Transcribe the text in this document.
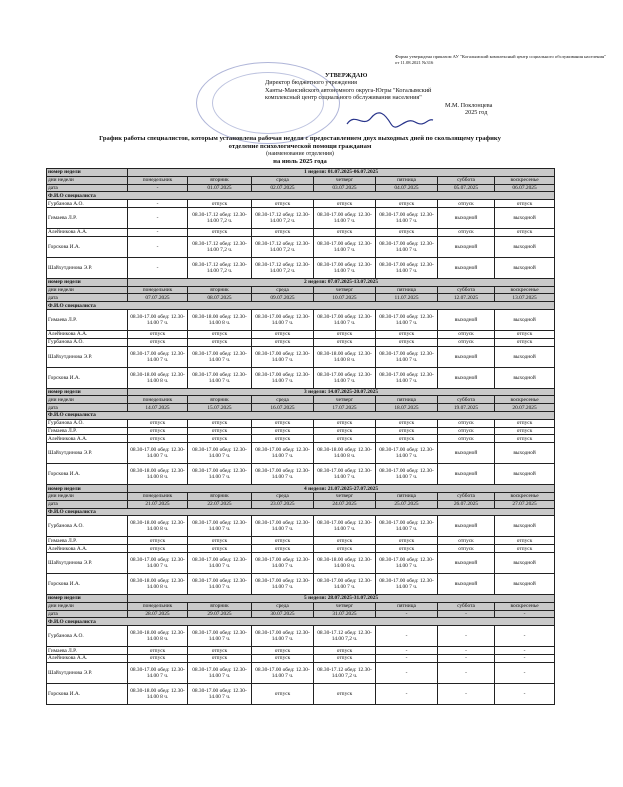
Форма утверждена приказом АУ "Когалымский комплексный центр социального обслуживания населения" от 11.08.2021 №316
УТВЕРЖДАЮ
Директор бюджетного учреждения
Ханты-Мансийского автономного округа-Югры "Когалымский
комплексный центр социального обслуживания населения"
М.М. Поклонцева
2025 год
График работы специалистов, которым установлена рабочая неделя с предоставлением двух выходных дней по скользящему графику
отделение психологической помощи гражданам
(наименование отделения)
на июль 2025 года
номер недели	1 неделя: 01.07.2025-06.07.2025						
дни недели	понедельник	вторник	среда	четверг	пятница	суббота	воскресенье
дата	-	01.07.2025	02.07.2025	03.07.2025	04.07.2025	05.07.2025	06.07.2025
Ф.И.О специалиста							
Гурбанова А.О.	-	отпуск	отпуск	отпуск	отпуск	отпуск	отпуск
Гимаева Л.Р.	-	08.30-17.12 обед: 12.30-14.00 7,2 ч.	08.30-17.12 обед: 12.30-14.00 7,2 ч.	08.30-17.00 обед: 12.30-14.00 7 ч.	08.30-17.00 обед: 12.30-14.00 7 ч.	выходной	выходной
Алейникова А.А.	-	отпуск	отпуск	отпуск	отпуск	отпуск	отпуск
Горскова И.А.	-	08.30-17.12 обед: 12.30-14.00 7,2 ч.	08.30-17.12 обед: 12.30-14.00 7,2 ч.	08.30-17.00 обед: 12.30-14.00 7 ч.	08.30-17.00 обед: 12.30-14.00 7 ч.	выходной	выходной
Шайхутдинова Э.Р.	-	08.30-17.12 обед: 12.30-14.00 7,2 ч.	08.30-17.12 обед: 12.30-14.00 7,2 ч.	08.30-17.00 обед: 12.30-14.00 7 ч.	08.30-17.00 обед: 12.30-14.00 7 ч.	выходной	выходной
номер недели	2 неделя: 07.07.2025-13.07.2025						
дни недели	понедельник	вторник	среда	четверг	пятница	суббота	воскресенье
дата	07.07.2025	08.07.2025	09.07.2025	10.07.2025	11.07.2025	12.07.2025	13.07.2025
Ф.И.О специалиста							
Гимаева Л.Р.	08.30-17.00 обед: 12.30-14.00 7 ч.	08.30-18.00 обед: 12.30-14.00 8 ч.	08.30-17.00 обед: 12.30-14.00 7 ч.	08.30-17.00 обед: 12.30-14.00 7 ч.	08.30-17.00 обед: 12.30-14.00 7 ч.	выходной	выходной
Алейникова А.А.	отпуск	отпуск	отпуск	отпуск	отпуск	отпуск	отпуск
Гурбанова А.О.	отпуск	отпуск	отпуск	отпуск	отпуск	отпуск	отпуск
Шайхутдинова Э.Р.	08.30-17.00 обед: 12.30-14.00 7 ч.	08.30-17.00 обед: 12.30-14.00 7 ч.	08.30-17.00 обед: 12.30-14.00 7 ч.	08.30-18.00 обед: 12.30-14.00 8 ч.	08.30-17.00 обед: 12.30-14.00 7 ч.	выходной	выходной
Горскова И.А.	08.30-18.00 обед: 12.30-14.00 8 ч.	08.30-17.00 обед: 12.30-14.00 7 ч.	08.30-17.00 обед: 12.30-14.00 7 ч.	08.30-17.00 обед: 12.30-14.00 7 ч.	08.30-17.00 обед: 12.30-14.00 7 ч.	выходной	выходной
номер недели	3 неделя: 14.07.2025-20.07.2025						
дни недели	понедельник	вторник	среда	четверг	пятница	суббота	воскресенье
дата	14.07.2025	15.07.2025	16.07.2025	17.07.2025	18.07.2025	19.07.2025	20.07.2025
Ф.И.О специалиста							
Гурбанова А.О.	отпуск	отпуск	отпуск	отпуск	отпуск	отпуск	отпуск
Гимаева Л.Р.	отпуск	отпуск	отпуск	отпуск	отпуск	отпуск	отпуск
Алейникова А.А.	отпуск	отпуск	отпуск	отпуск	отпуск	отпуск	отпуск
Шайхутдинова Э.Р.	08.30-17.00 обед: 12.30-14.00 7 ч.	08.30-17.00 обед: 12.30-14.00 7 ч.	08.30-17.00 обед: 12.30-14.00 7 ч.	08.30-18.00 обед: 12.30-14.00 8 ч.	08.30-17.00 обед: 12.30-14.00 7 ч.	выходной	выходной
Горскова И.А.	08.30-18.00 обед: 12.30-14.00 8 ч.	08.30-17.00 обед: 12.30-14.00 7 ч.	08.30-17.00 обед: 12.30-14.00 7 ч.	08.30-17.00 обед: 12.30-14.00 7 ч.	08.30-17.00 обед: 12.30-14.00 7 ч.	выходной	выходной
номер недели	4 неделя: 21.07.2025-27.07.2025						
дни недели	понедельник	вторник	среда	четверг	пятница	суббота	воскресенье
дата	21.07.2025	22.07.2025	23.07.2025	24.07.2025	25.07.2025	26.07.2025	27.07.2025
Ф.И.О специалиста							
Гурбанова А.О.	08.30-18.00 обед: 12.30-14.00 8 ч.	08.30-17.00 обед: 12.30-14.00 7 ч.	08.30-17.00 обед: 12.30-14.00 7 ч.	08.30-17.00 обед: 12.30-14.00 7 ч.	08.30-17.00 обед: 12.30-14.00 7 ч.	выходной	выходной
Гимаева Л.Р.	отпуск	отпуск	отпуск	отпуск	отпуск	отпуск	отпуск
Алейникова А.А.	отпуск	отпуск	отпуск	отпуск	отпуск	отпуск	отпуск
Шайхутдинова Э.Р.	08.30-17.00 обед: 12.30-14.00 7 ч.	08.30-17.00 обед: 12.30-14.00 7 ч.	08.30-17.00 обед: 12.30-14.00 7 ч.	08.30-18.00 обед: 12.30-14.00 8 ч.	08.30-17.00 обед: 12.30-14.00 7 ч.	выходной	выходной
Горскова И.А.	08.30-18.00 обед: 12.30-14.00 8 ч.	08.30-17.00 обед: 12.30-14.00 7 ч.	08.30-17.00 обед: 12.30-14.00 7 ч.	08.30-17.00 обед: 12.30-14.00 7 ч.	08.30-17.00 обед: 12.30-14.00 7 ч.	выходной	выходной
номер недели	5 неделя: 28.07.2025-31.07.2025						
дни недели	понедельник	вторник	среда	четверг	пятница	суббота	воскресенье
дата	28.07.2025	29.07.2025	30.07.2025	31.07.2025	-	-	-
Ф.И.О специалиста							
Гурбанова А.О.	08.30-18.00 обед: 12.30-14.00 8 ч.	08.30-17.00 обед: 12.30-14.00 7 ч.	08.30-17.00 обед: 12.30-14.00 7 ч.	08.30-17.12 обед: 12.30-14.00 7,2 ч.	-	-	-
Гимаева Л.Р.	отпуск	отпуск	отпуск	отпуск	-	-	-
Алейникова А.А.	отпуск	отпуск	отпуск	отпуск	-	-	-
Шайхутдинова Э.Р.	08.30-17.00 обед: 12.30-14.00 7 ч.	08.30-17.00 обед: 12.30-14.00 7 ч.	08.30-17.00 обед: 12.30-14.00 7 ч.	08.30-17.12 обед: 12.30-14.00 7,2 ч.	-	-	-
Горскова И.А.	08.30-18.00 обед: 12.30-14.00 8 ч.	08.30-17.00 обед: 12.30-14.00 7 ч.	отпуск	отпуск	-	-	-
